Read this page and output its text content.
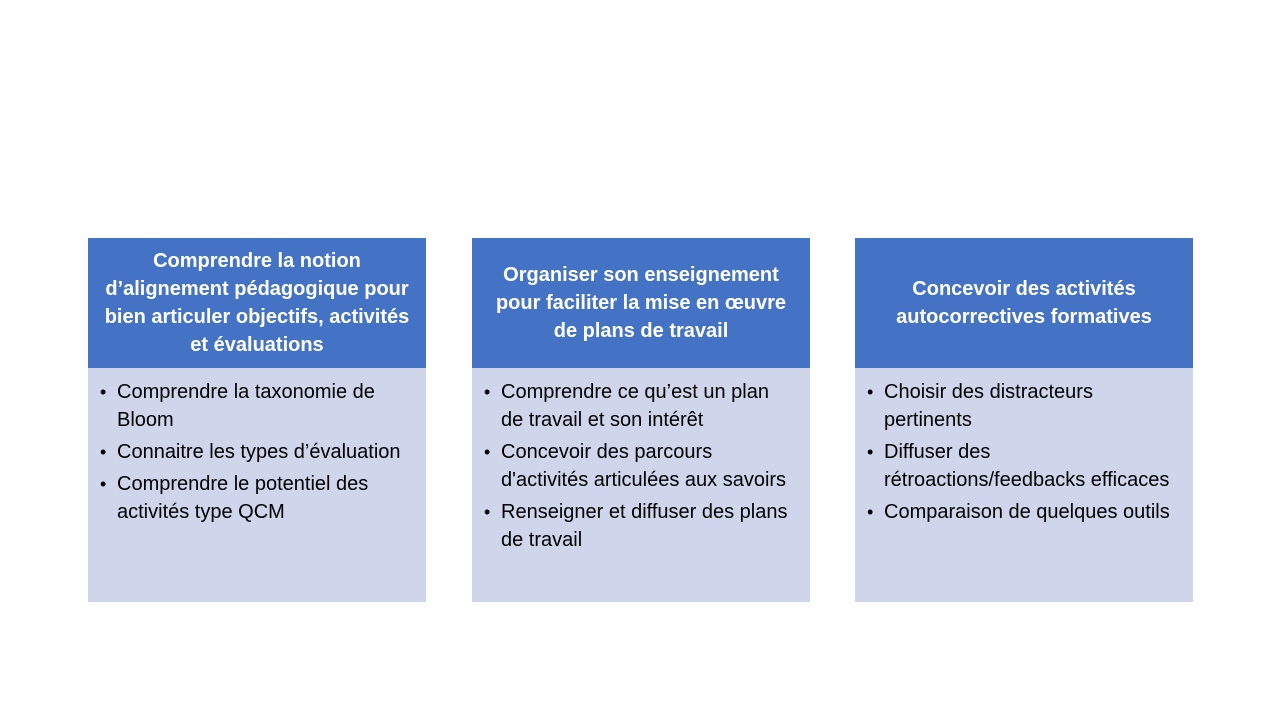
Comprendre la notion d’alignement pédagogique pour bien articuler objectifs, activités et évaluations

• Comprendre la taxonomie de Bloom
• Connaitre les types d’évaluation
• Comprendre le potentiel des activités type QCM

Organiser son enseignement pour faciliter la mise en œuvre de plans de travail

• Comprendre ce qu’est un plan de travail et son intérêt
• Concevoir des parcours d'activités articulées aux savoirs
• Renseigner et diffuser des plans de travail

Concevoir des activités autocorrectives formatives

• Choisir des distracteurs pertinents
• Diffuser des rétroactions/feedbacks efficaces
• Comparaison de quelques outils
